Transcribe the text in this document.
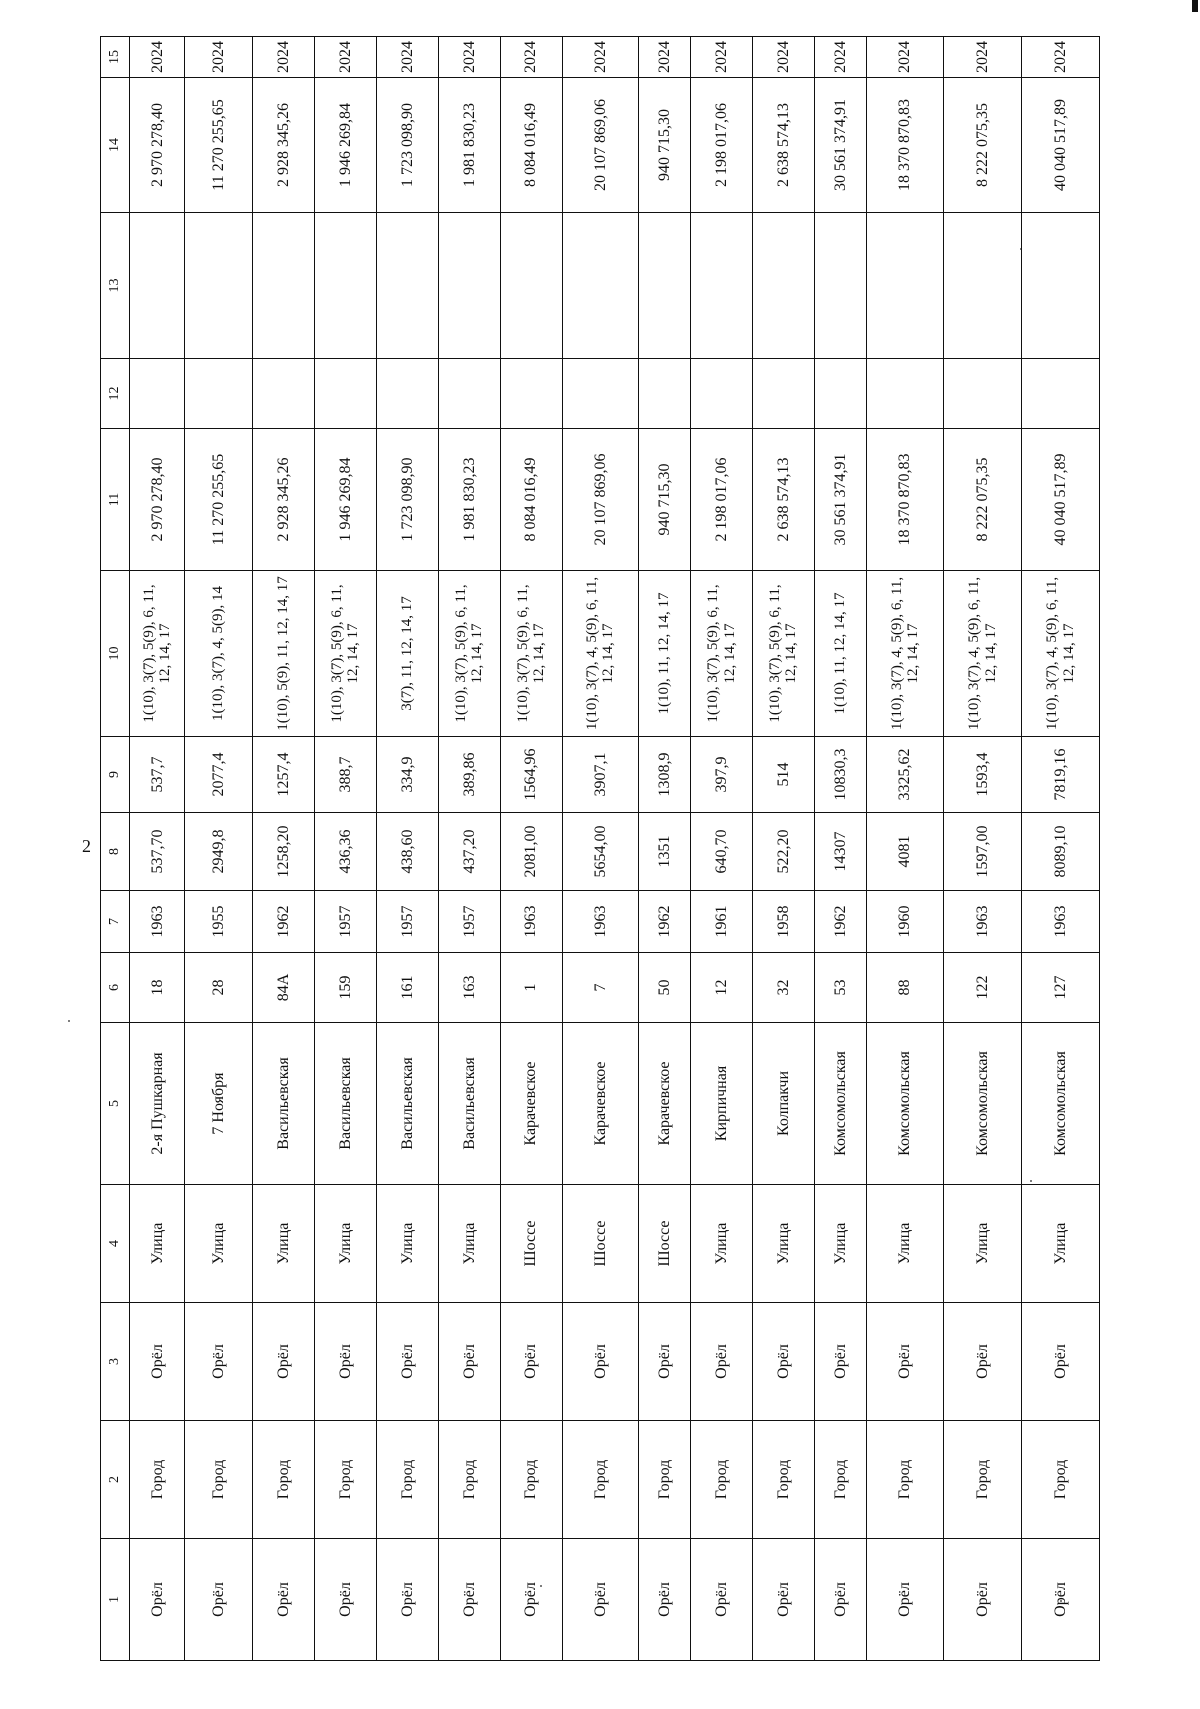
2
1	2	3	4	5	6	7	8	9	10	11	12	13	14	15
Орёл	Город	Орёл	Улица	2-я Пушкарная	18	1963	537,70	537,7	1(10), 3(7), 5(9), 6, 11, 12, 14, 17	2 970 278,40			2 970 278,40	2024
Орёл	Город	Орёл	Улица	7 Ноября	28	1955	2949,8	2077,4	1(10), 3(7), 4, 5(9), 14	11 270 255,65			11 270 255,65	2024
Орёл	Город	Орёл	Улица	Васильевская	84А	1962	1258,20	1257,4	1(10), 5(9), 11, 12, 14, 17	2 928 345,26			2 928 345,26	2024
Орёл	Город	Орёл	Улица	Васильевская	159	1957	436,36	388,7	1(10), 3(7), 5(9), 6, 11, 12, 14, 17	1 946 269,84			1 946 269,84	2024
Орёл	Город	Орёл	Улица	Васильевская	161	1957	438,60	334,9	3(7), 11, 12, 14, 17	1 723 098,90			1 723 098,90	2024
Орёл	Город	Орёл	Улица	Васильевская	163	1957	437,20	389,86	1(10), 3(7), 5(9), 6, 11, 12, 14, 17	1 981 830,23			1 981 830,23	2024
Орёл	Город	Орёл	Шоссе	Карачевское	1	1963	2081,00	1564,96	1(10), 3(7), 5(9), 6, 11, 12, 14, 17	8 084 016,49			8 084 016,49	2024
Орёл	Город	Орёл	Шоссе	Карачевское	7	1963	5654,00	3907,1	1(10), 3(7), 4, 5(9), 6, 11, 12, 14, 17	20 107 869,06			20 107 869,06	2024
Орёл	Город	Орёл	Шоссе	Карачевское	50	1962	1351	1308,9	1(10), 11, 12, 14, 17	940 715,30			940 715,30	2024
Орёл	Город	Орёл	Улица	Кирпичная	12	1961	640,70	397,9	1(10), 3(7), 5(9), 6, 11, 12, 14, 17	2 198 017,06			2 198 017,06	2024
Орёл	Город	Орёл	Улица	Колпакчи	32	1958	522,20	514	1(10), 3(7), 5(9), 6, 11, 12, 14, 17	2 638 574,13			2 638 574,13	2024
Орёл	Город	Орёл	Улица	Комсомольская	53	1962	14307	10830,3	1(10), 11, 12, 14, 17	30 561 374,91			30 561 374,91	2024
Орёл	Город	Орёл	Улица	Комсомольская	88	1960	4081	3325,62	1(10), 3(7), 4, 5(9), 6, 11, 12, 14, 17	18 370 870,83			18 370 870,83	2024
Орёл	Город	Орёл	Улица	Комсомольская	122	1963	1597,00	1593,4	1(10), 3(7), 4, 5(9), 6, 11, 12, 14, 17	8 222 075,35			8 222 075,35	2024
Орёл	Город	Орёл	Улица	Комсомольская	127	1963	8089,10	7819,16	1(10), 3(7), 4, 5(9), 6, 11, 12, 14, 17	40 040 517,89			40 040 517,89	2024
